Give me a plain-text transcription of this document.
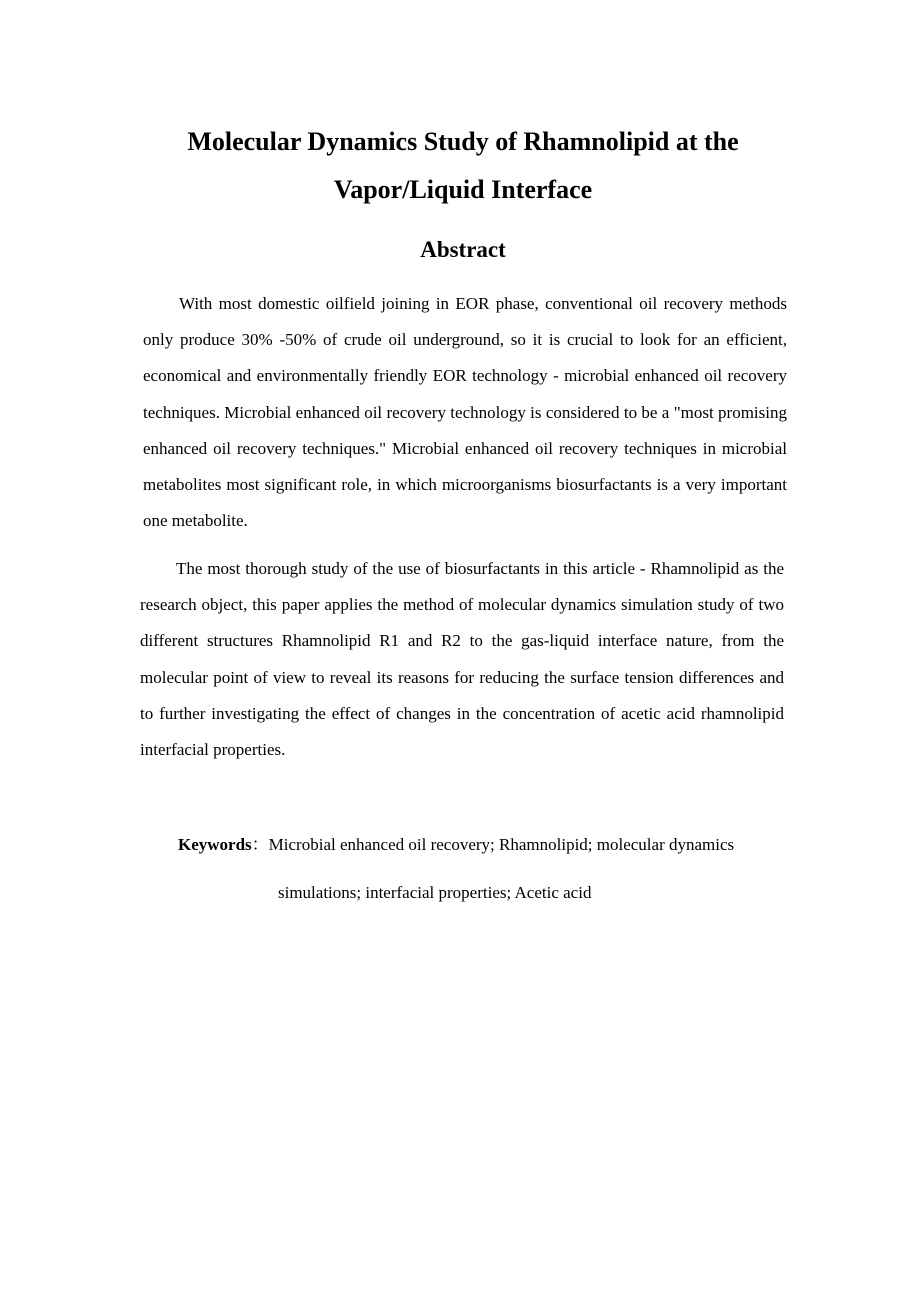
Molecular Dynamics Study of Rhamnolipid at the Vapor/Liquid Interface
Abstract

With most domestic oilfield joining in EOR phase, conventional oil recovery methods only produce 30% -50% of crude oil underground, so it is crucial to look for an efficient, economical and environmentally friendly EOR technology - microbial enhanced oil recovery techniques. Microbial enhanced oil recovery technology is considered to be a "most promising enhanced oil recovery techniques." Microbial enhanced oil recovery techniques in microbial metabolites most significant role, in which microorganisms biosurfactants is a very important one metabolite.

The most thorough study of the use of biosurfactants in this article - Rhamnolipid as the research object, this paper applies the method of molecular dynamics simulation study of two different structures Rhamnolipid R1 and R2 to the gas-liquid interface nature, from the molecular point of view to reveal its reasons for reducing the surface tension differences and to further investigating the effect of changes in the concentration of acetic acid rhamnolipid interfacial properties.

Keywords：Microbial enhanced oil recovery; Rhamnolipid; molecular dynamics
simulations; interfacial properties; Acetic acid
